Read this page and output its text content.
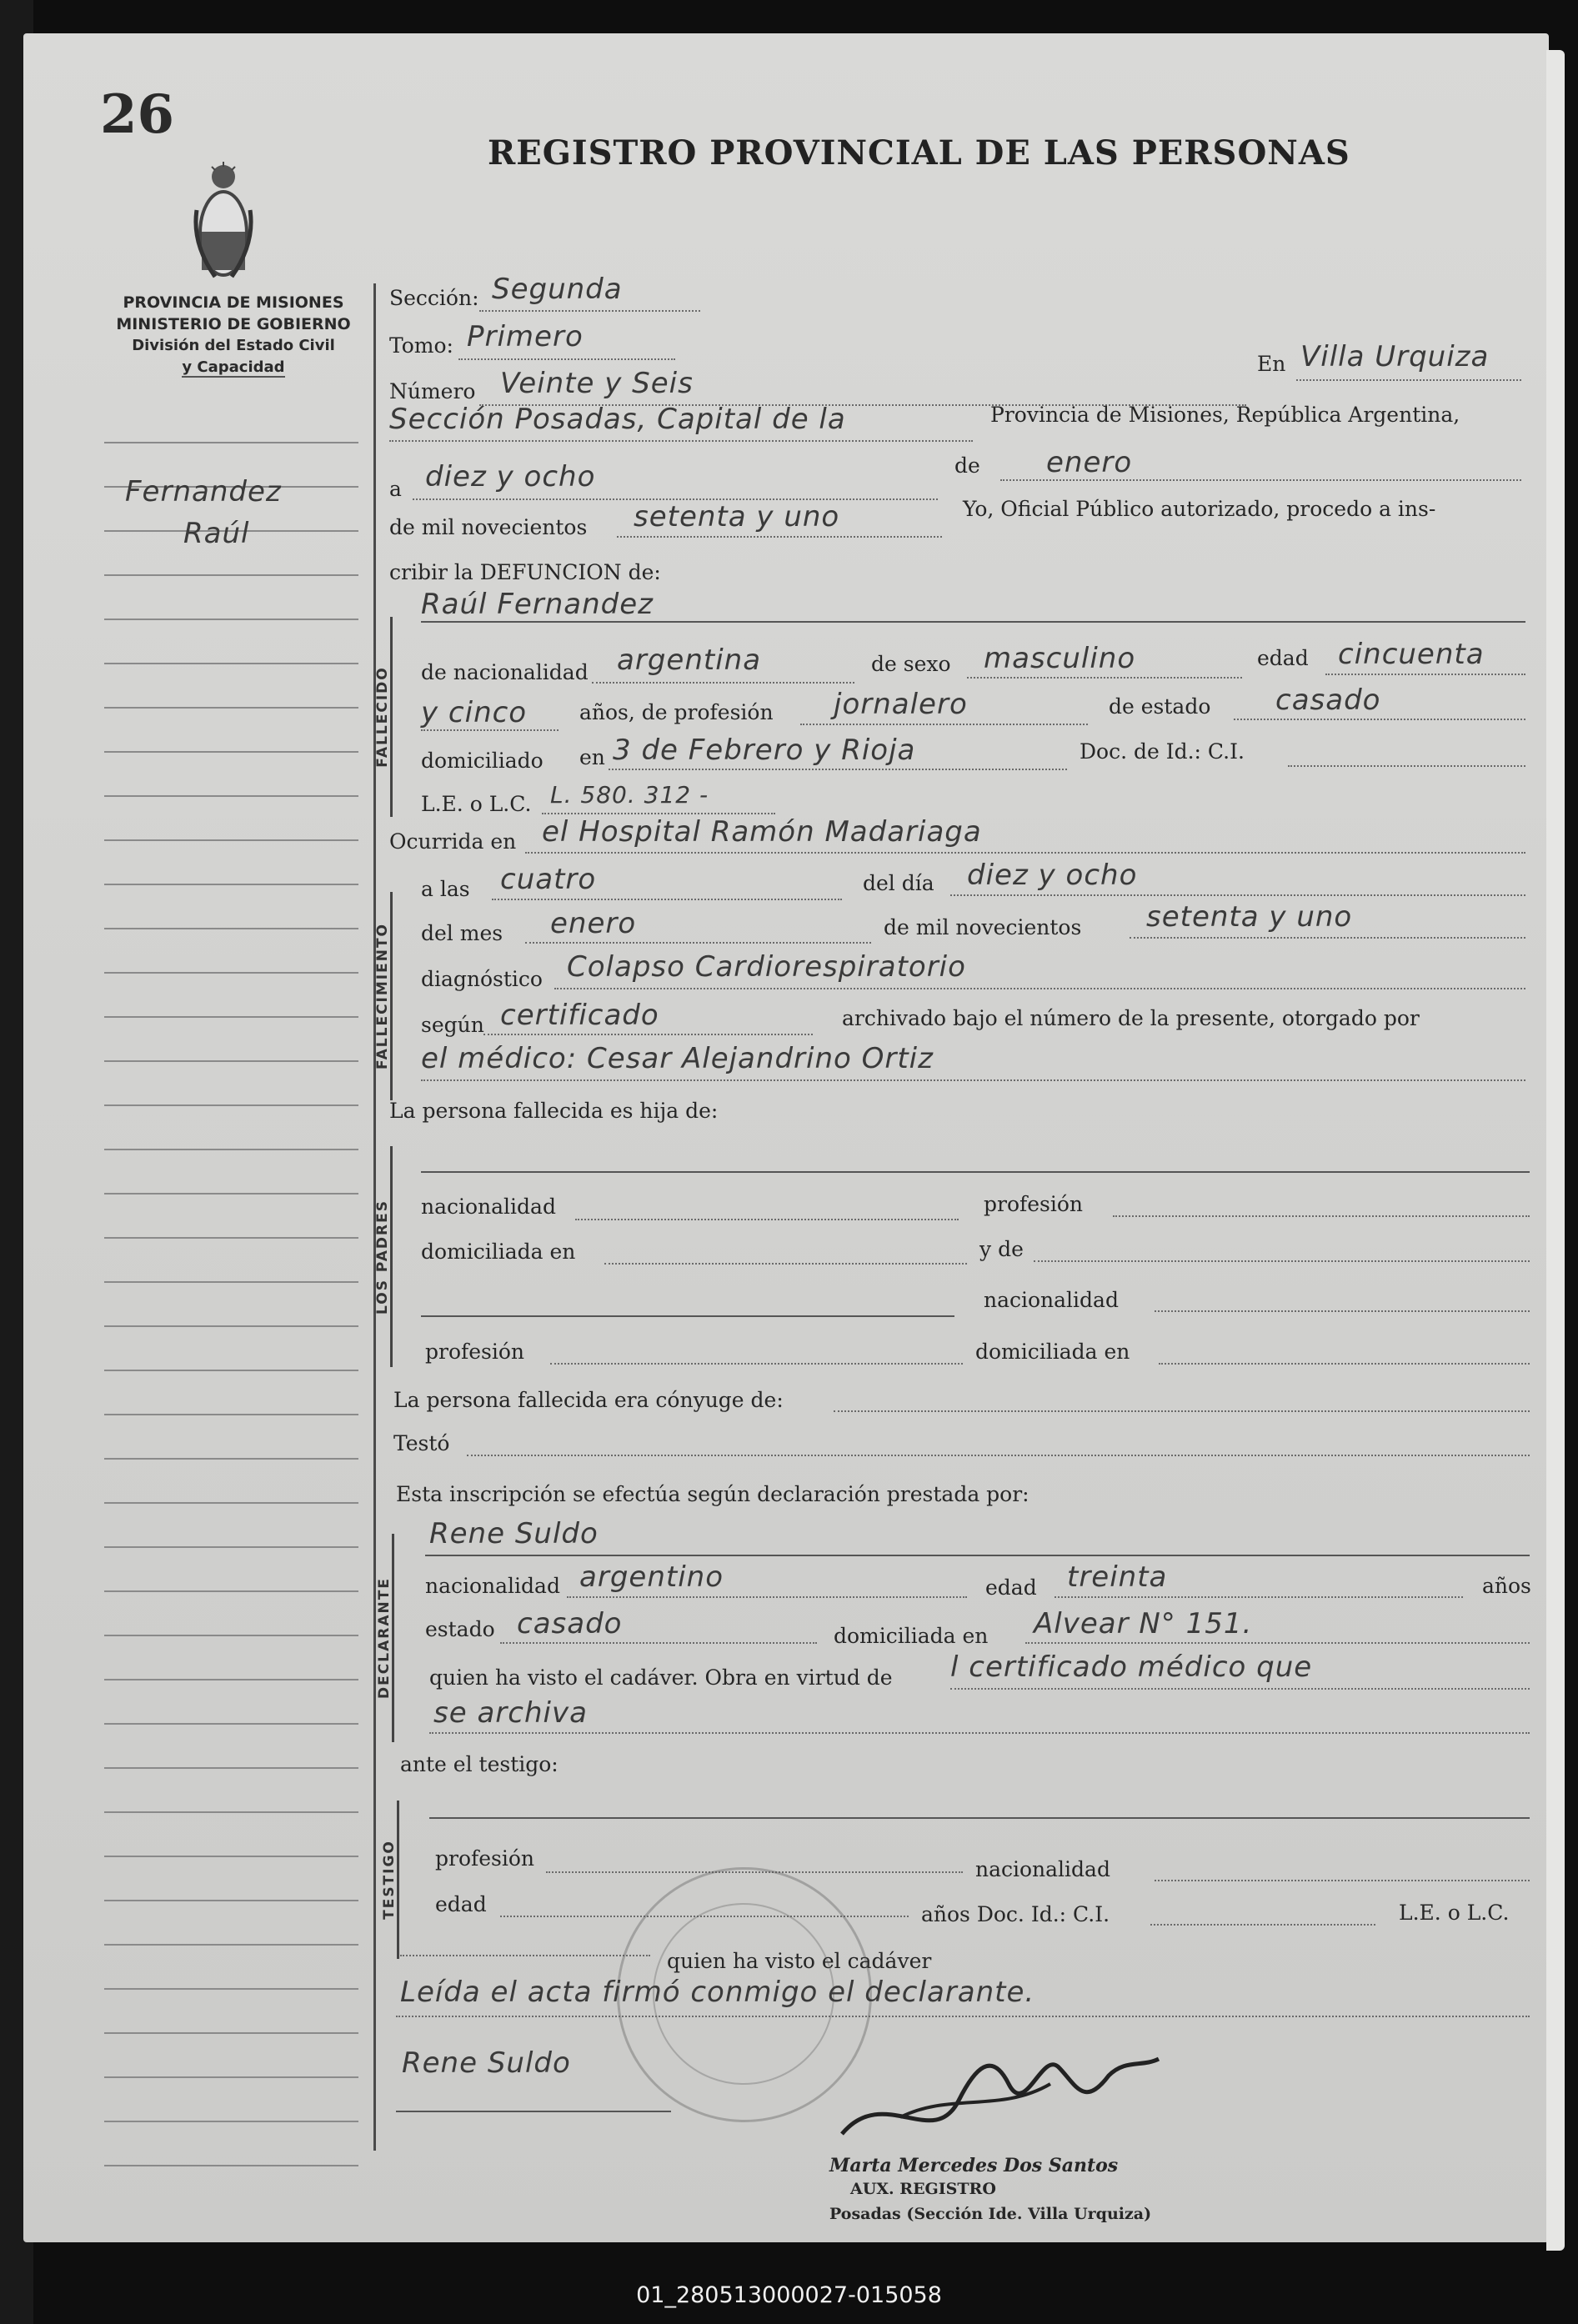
26
REGISTRO PROVINCIAL DE LAS PERSONAS
PROVINCIA DE MISIONES
MINISTERIO DE GOBIERNO
División del Estado Civil
y Capacidad
Fernandez
Raúl
Sección: Segunda
Tomo: Primero
Número Veinte y Seis
En Villa Urquiza
Sección Posadas, Capital de la	Provincia de Misiones, República Argentina,
a diez y ocho	de enero
de mil novecientos setenta y uno	Yo, Oficial Público autorizado, procedo a ins-
cribir la DEFUNCION de:
FALLECIDO
Raúl Fernandez
de nacionalidad argentina	de sexo masculino	edad cincuenta
y cinco	años, de profesión jornalero	de estado casado
domiciliado en 3 de Febrero y Rioja	Doc. de Id.: C.I.
L.E. o L.C. L. 580. 312 -
Ocurrida en el Hospital Ramón Madariaga
FALLECIMIENTO
a las cuatro	del día diez y ocho
del mes enero	de mil novecientos setenta y uno
diagnóstico Colapso Cardiorespiratorio
según certificado	archivado bajo el número de la presente, otorgado por
el médico: Cesar Alejandrino Ortiz
La persona fallecida es hija de:
LOS PADRES nacionalidad	profesión
domiciliada en	y de
nacionalidad
profesión	domiciliada en
La persona fallecida era cónyuge de:
Testó
Esta inscripción se efectúa según declaración prestada por:
DECLARANTE
Rene Suldo
nacionalidad argentino	edad treinta	años
estado casado	domiciliada en Alvear N° 151.
quien ha visto el cadáver. Obra en virtud de l certificado médico que
se archiva
ante el testigo:
TESTIGO profesión	nacionalidad
edad	años Doc. Id.: C.I.	L.E. o L.C.
quien ha visto el cadáver
Leída el acta firmó conmigo el declarante.
Rene Suldo
Marta Mercedes Dos Santos
AUX. REGISTRO
Posadas (Sección Ide. Villa Urquiza)
01_280513000027-015058
